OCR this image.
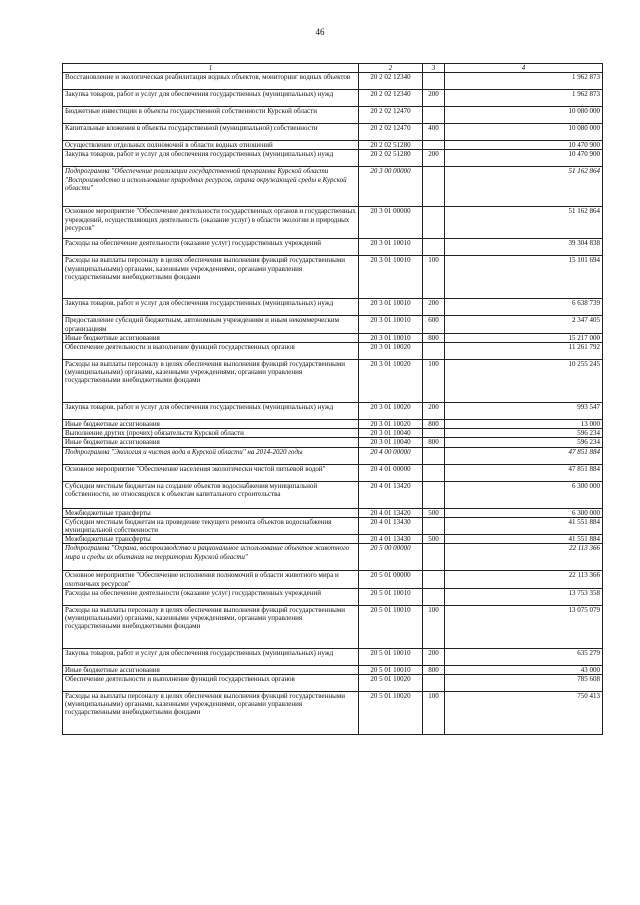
46
1	2	3	4
Восстановление и экологическая реабилитация водных объектов, мониторинг водных объектов	20 2 02 12340		1 962 873
Закупка товаров, работ и услуг для обеспечения государственных (муниципальных) нужд	20 2 02 12340	200	1 962 873
Бюджетные инвестиции в объекты государственной собственности Курской области	20 2 02 12470		10 080 000
Капитальные вложения в объекты государственной (муниципальной) собственности	20 2 02 12470	400	10 080 000
Осуществление отдельных полномочий в области водных отношений	20 2 02 51280		10 470 900
Закупка товаров, работ и услуг для обеспечения государственных (муниципальных) нужд	20 2 02 51280	200	10 470 900
Подпрограмма "Обеспечение реализации государственной программы Курской области "Воспроизводство и использование природных ресурсов, охрана окружающей среды в Курской области"	20 3 00 00000		51 162 864
Основное мероприятие "Обеспечение деятельности государственных органов и государственных учреждений, осуществляющих деятельность (оказание услуг) в области экологии и природных ресурсов"	20 3 01 00000		51 162 864
Расходы на обеспечение деятельности (оказание услуг) государственных учреждений	20 3 01 10010		39 304 838
Расходы на выплаты персоналу в целях обеспечения выполнения функций государственными (муниципальными) органами, казенными учреждениями, органами управления государственными внебюджетными фондами	20 3 01 10010	100	15 101 694
Закупка товаров, работ и услуг для обеспечения государственных (муниципальных) нужд	20 3 01 10010	200	6 638 739
Предоставление субсидий бюджетным, автономным учреждениям и иным некоммерческим организациям	20 3 01 10010	600	2 347 405
Иные бюджетные ассигнования	20 3 01 10010	800	15 217 000
Обеспечение деятельности и выполнение функций государственных органов	20 3 01 10020		11 261 792
Расходы на выплаты персоналу в целях обеспечения выполнения функций государственными (муниципальными) органами, казенными учреждениями, органами управления государственными внебюджетными фондами	20 3 01 10020	100	10 255 245
Закупка товаров, работ и услуг для обеспечения государственных (муниципальных) нужд	20 3 01 10020	200	993 547
Иные бюджетные ассигнования	20 3 01 10020	800	13 000
Выполнение других (прочих) обязательств Курской области	20 3 01 10040		596 234
Иные бюджетные ассигнования	20 3 01 10040	800	596 234
Подпрограмма "Экология и чистая вода в Курской области" на 2014-2020 годы	20 4 00 00000		47 851 884
Основное мероприятие "Обеспечение населения экологически чистой питьевой водой"	20 4 01 00000		47 851 884
Субсидии местным бюджетам на создание объектов водоснабжения муниципальной собственности, не относящихся к объектам капитального строительства	20 4 01 13420		6 300 000
Межбюджетные трансферты	20 4 01 13420	500	6 300 000
Субсидии местным бюджетам на проведение текущего ремонта объектов водоснабжения муниципальной собственности	20 4 01 13430		41 551 884
Межбюджетные трансферты	20 4 01 13430	500	41 551 884
Подпрограмма "Охрана, воспроизводство и рациональное использование объектов животного мира и среды их обитания на территории Курской области"	20 5 00 00000		22 113 366
Основное мероприятие "Обеспечение исполнения полномочий в области животного мира и охотничьих ресурсов"	20 5 01 00000		22 113 366
Расходы на обеспечение деятельности (оказание услуг) государственных учреждений	20 5 01 10010		13 753 358
Расходы на выплаты персоналу в целях обеспечения выполнения функций государственными (муниципальными) органами, казенными учреждениями, органами управления государственными внебюджетными фондами	20 5 01 10010	100	13 075 079
Закупка товаров, работ и услуг для обеспечения государственных (муниципальных) нужд	20 5 01 10010	200	635 279
Иные бюджетные ассигнования	20 5 01 10010	800	43 000
Обеспечение деятельности и выполнение функций государственных органов	20 5 01 10020		785 608
Расходы на выплаты персоналу в целях обеспечения выполнения функций государственными (муниципальными) органами, казенными учреждениями, органами управления государственными внебюджетными фондами	20 5 01 10020	100	750 413
